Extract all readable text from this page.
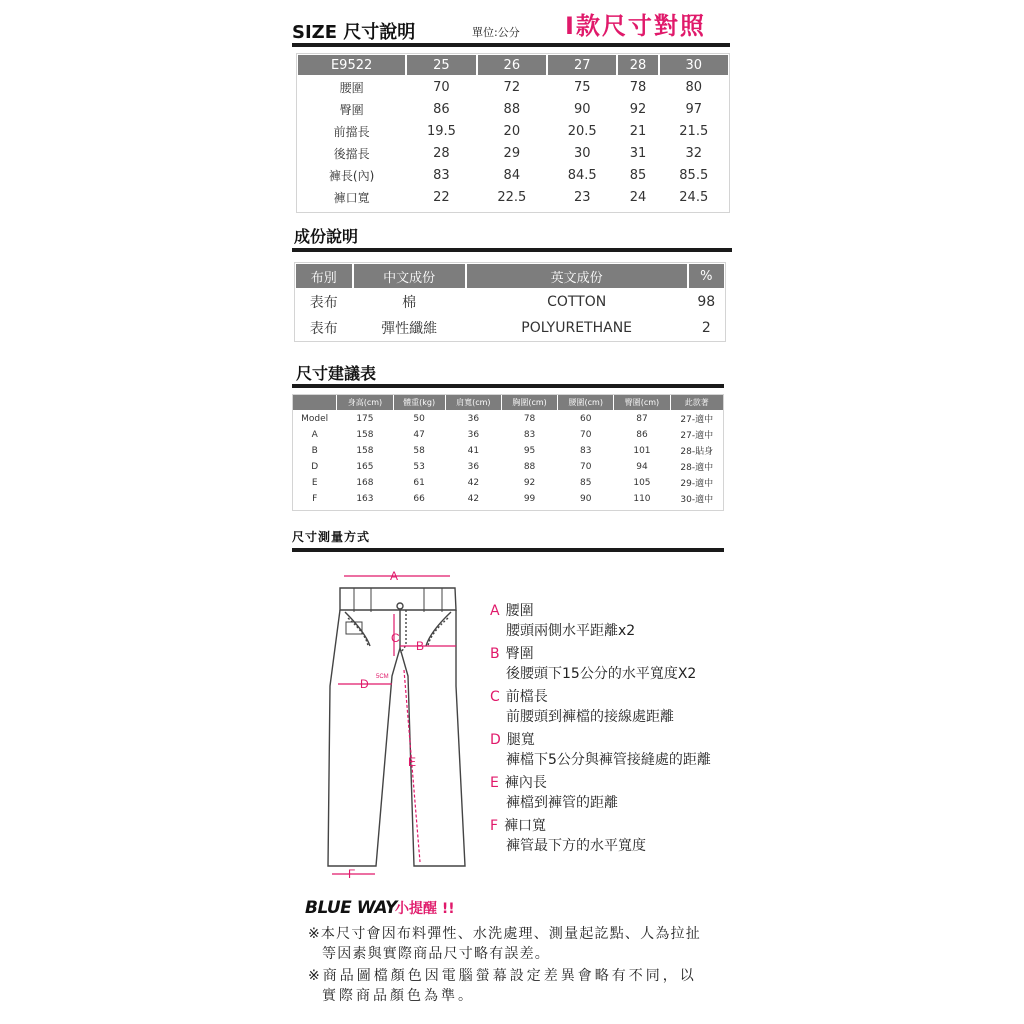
SIZE 尺寸說明	單位:公分 I款尺寸對照
E9522	25	26	27	28	30
腰圍	70	72	75	78	80
臀圍	86	88	90	92	97
前擋長	19.5	20	20.5	21	21.5
後擋長	28	29	30	31	32
褲長(內)	83	84	84.5	85	85.5
褲口寬	22	22.5	23	24	24.5
成份說明
布別	中文成份	英文成份	%
表布	棉	COTTON	98
表布	彈性纖維	POLYURETHANE	2
尺寸建議表
	身高(cm)	體重(kg)	肩寬(cm)	胸圍(cm)	腰圍(cm)	臀圍(cm)	此款著
Model	175	50	36	78	60	87	27-適中
A	158	47	36	83	70	86	27-適中
B	158	58	41	95	83	101	28-貼身
D	165	53	36	88	70	94	28-適中
E	168	61	42	92	85	105	29-適中
F	163	66	42	99	90	110	30-適中
尺寸測量方式
A
C
B
D
E
F
5CM
A 腰圍
腰頭兩側水平距離x2
B 臀圍
後腰頭下15公分的水平寬度X2
C 前檔長
前腰頭到褲檔的接線處距離
D 腿寬
褲檔下5公分與褲管接縫處的距離
E 褲內長
褲檔到褲管的距離
F 褲口寬
褲管最下方的水平寬度
BLUE WAY
小提醒 !!
※本尺寸會因布料彈性、水洗處理、測量起訖點、人為拉扯
等因素與實際商品尺寸略有誤差。
※商品圖檔顏色因電腦螢幕設定差異會略有不同，以
實際商品顏色為準。
